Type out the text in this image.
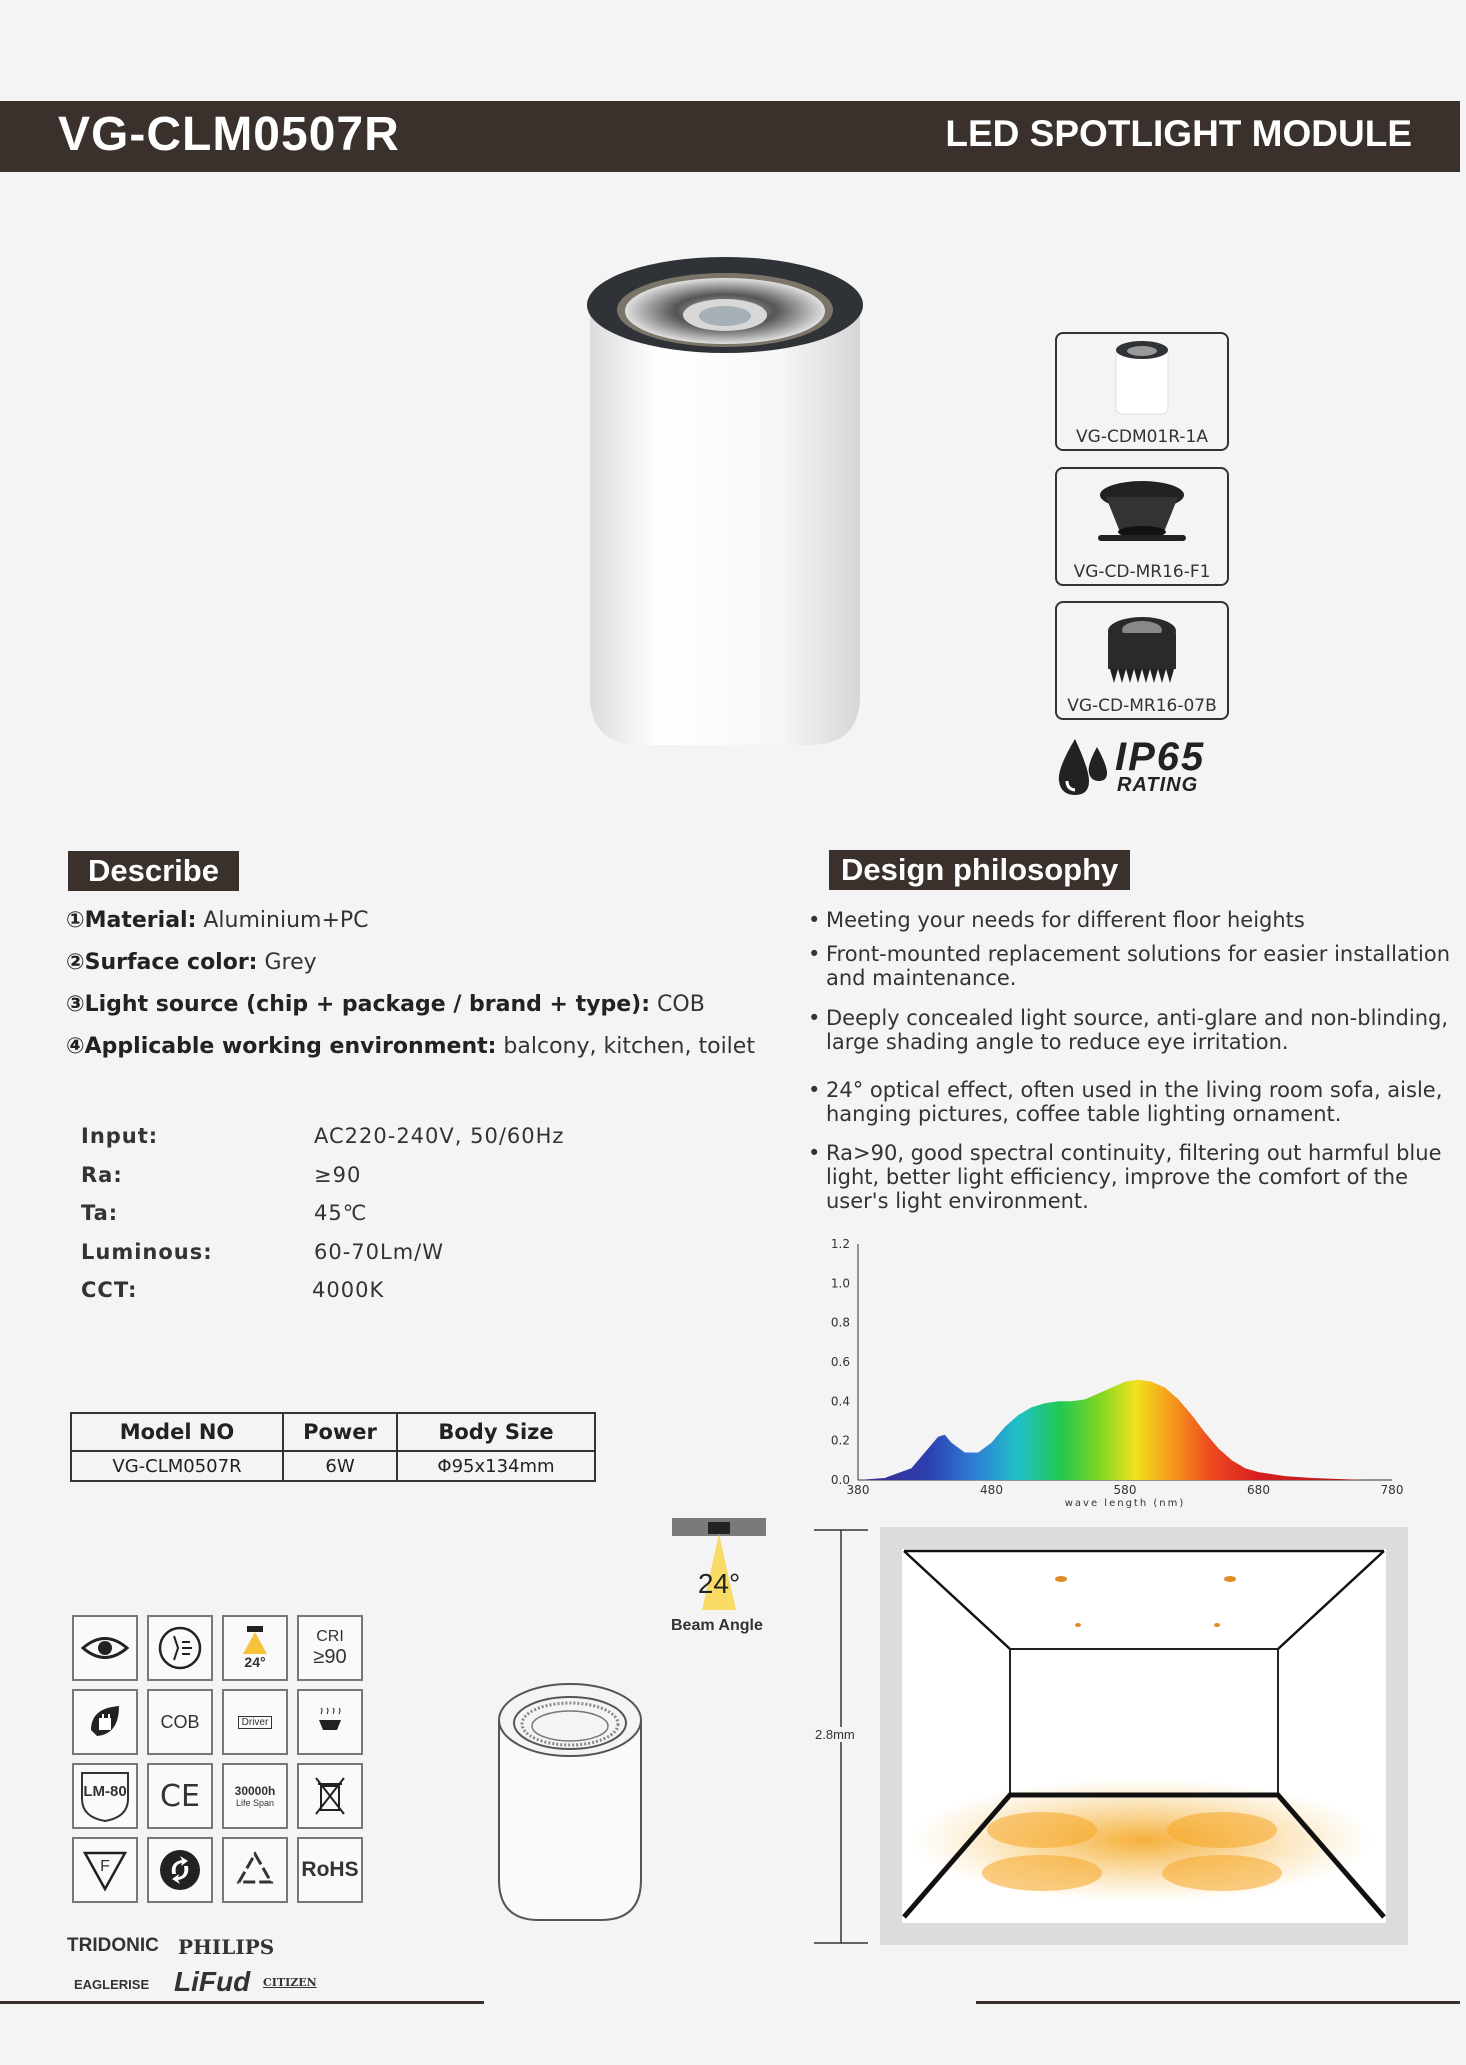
VG-CLM0507R	LED SPOTLIGHT MODULE
VG-CDM01R-1A
VG-CD-MR16-F1
VG-CD-MR16-07B
IP65
RATING
Describe
①Material: Aluminium+PC
②Surface color: Grey
③Light source (chip + package / brand + type): COB
④Applicable working environment: balcony, kitchen, toilet
Input:	AC220-240V, 50/60Hz
Ra:	≥90
Ta:	45℃
Luminous:	60-70Lm/W
CCT:	4000K
Model NO	Power	Body Size
VG-CLM0507R	6W	Φ95x134mm
Design philosophy
• Meeting your needs for different floor heights
• Front-mounted replacement solutions for easier installation and maintenance.
• Deeply concealed light source, anti-glare and non-blinding, large shading angle to reduce eye irritation.
• 24° optical effect, often used in the living room sofa, aisle, hanging pictures, coffee table lighting ornament.
• Ra>90, good spectral continuity, filtering out harmful blue light, better light efficiency, improve the comfort of the user's light environment.
0.0
0.2
0.4
0.6
0.8
1.0
1.2
380	480	580	680	780
wave length (nm)
24°
Beam Angle
2.8mm
24°
CRI
≥90
COB	Driver
LM-80 CE	30000h
Life Span
F	RoHS
TRIDONIC PHILIPS
EAGLERISE LiFud CITIZEN
